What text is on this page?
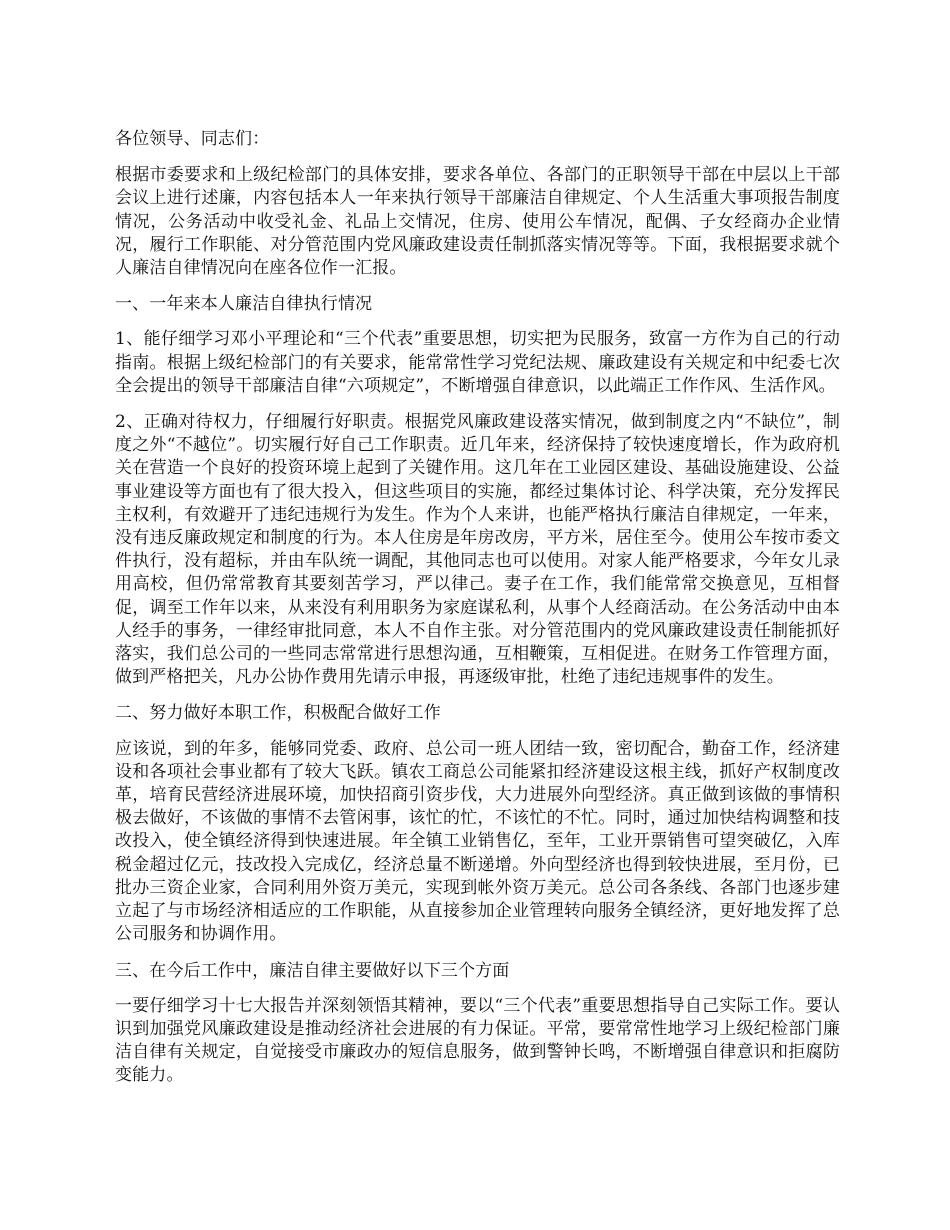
各位领导、同志们：

根据市委要求和上级纪检部门的具体安排，要求各单位、各部门的正职领导干部在中层以上干部会议上进行述廉，内容包括本人一年来执行领导干部廉洁自律规定、个人生活重大事项报告制度情况，公务活动中收受礼金、礼品上交情况，住房、使用公车情况，配偶、子女经商办企业情况，履行工作职能、对分管范围内党风廉政建设责任制抓落实情况等等。下面，我根据要求就个人廉洁自律情况向在座各位作一汇报。

一、一年来本人廉洁自律执行情况

1、能仔细学习邓小平理论和“三个代表”重要思想，切实把为民服务，致富一方作为自己的行动指南。根据上级纪检部门的有关要求，能常常性学习党纪法规、廉政建设有关规定和中纪委七次全会提出的领导干部廉洁自律“六项规定”，不断增强自律意识，以此端正工作作风、生活作风。

2、正确对待权力，仔细履行好职责。根据党风廉政建设落实情况，做到制度之内“不缺位”，制度之外“不越位”。切实履行好自己工作职责。近几年来，经济保持了较快速度增长，作为政府机关在营造一个良好的投资环境上起到了关键作用。这几年在工业园区建设、基础设施建设、公益事业建设等方面也有了很大投入，但这些项目的实施，都经过集体讨论、科学决策，充分发挥民主权利，有效避开了违纪违规行为发生。作为个人来讲，也能严格执行廉洁自律规定，一年来，没有违反廉政规定和制度的行为。本人住房是年房改房，平方米，居住至今。使用公车按市委文件执行，没有超标，并由车队统一调配，其他同志也可以使用。对家人能严格要求，今年女儿录用高校，但仍常常教育其要刻苦学习，严以律己。妻子在工作，我们能常常交换意见，互相督促，调至工作年以来，从来没有利用职务为家庭谋私利，从事个人经商活动。在公务活动中由本人经手的事务，一律经审批同意，本人不自作主张。对分管范围内的党风廉政建设责任制能抓好落实，我们总公司的一些同志常常进行思想沟通，互相鞭策，互相促进。在财务工作管理方面，做到严格把关，凡办公协作费用先请示申报，再逐级审批，杜绝了违纪违规事件的发生。

二、努力做好本职工作，积极配合做好工作

应该说，到的年多，能够同党委、政府、总公司一班人团结一致，密切配合，勤奋工作，经济建设和各项社会事业都有了较大飞跃。镇农工商总公司能紧扣经济建设这根主线，抓好产权制度改革，培育民营经济进展环境，加快招商引资步伐，大力进展外向型经济。真正做到该做的事情积极去做好，不该做的事情不去管闲事，该忙的忙，不该忙的不忙。同时，通过加快结构调整和技改投入，使全镇经济得到快速进展。年全镇工业销售亿，至年，工业开票销售可望突破亿，入库税金超过亿元，技改投入完成亿，经济总量不断递增。外向型经济也得到较快进展，至月份，已批办三资企业家，合同利用外资万美元，实现到帐外资万美元。总公司各条线、各部门也逐步建立起了与市场经济相适应的工作职能，从直接参加企业管理转向服务全镇经济，更好地发挥了总公司服务和协调作用。

三、在今后工作中，廉洁自律主要做好以下三个方面

一要仔细学习十七大报告并深刻领悟其精神，要以“三个代表”重要思想指导自己实际工作。要认识到加强党风廉政建设是推动经济社会进展的有力保证。平常，要常常性地学习上级纪检部门廉洁自律有关规定，自觉接受市廉政办的短信息服务，做到警钟长鸣，不断增强自律意识和拒腐防变能力。
